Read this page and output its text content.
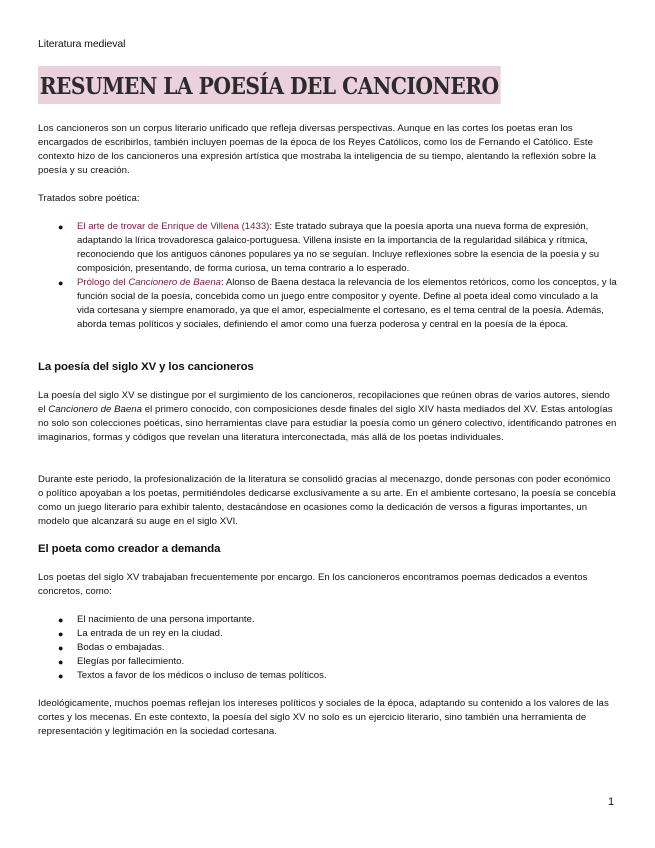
Literatura medieval
RESUMEN LA POESÍA DEL CANCIONERO

Los cancioneros son un corpus literario unificado que refleja diversas perspectivas. Aunque en las cortes los poetas eran los encargados de escribirlos, también incluyen poemas de la época de los Reyes Católicos, como los de Fernando el Católico. Este contexto hizo de los cancioneros una expresión artística que mostraba la inteligencia de su tiempo, alentando la reflexión sobre la poesía y su creación.

Tratados sobre poética:

● El arte de trovar de Enrique de Villena (1433): Este tratado subraya que la poesía aporta una nueva forma de expresión, adaptando la lírica trovadoresca galaico-portuguesa. Villena insiste en la importancia de la regularidad silábica y rítmica, reconociendo que los antiguos cánones populares ya no se seguían. Incluye reflexiones sobre la esencia de la poesía y su composición, presentando, de forma curiosa, un tema contrario a lo esperado.
● Prólogo del Cancionero de Baena: Alonso de Baena destaca la relevancia de los elementos retóricos, como los conceptos, y la función social de la poesía, concebida como un juego entre compositor y oyente. Define al poeta ideal como vinculado a la vida cortesana y siempre enamorado, ya que el amor, especialmente el cortesano, es el tema central de la poesía. Además, aborda temas políticos y sociales, definiendo el amor como una fuerza poderosa y central en la poesía de la época.
La poesía del siglo XV y los cancioneros

La poesía del siglo XV se distingue por el surgimiento de los cancioneros, recopilaciones que reúnen obras de varios autores, siendo el Cancionero de Baena el primero conocido, con composiciones desde finales del siglo XIV hasta mediados del XV. Estas antologías no solo son colecciones poéticas, sino herramientas clave para estudiar la poesía como un género colectivo, identificando patrones en imaginarios, formas y códigos que revelan una literatura interconectada, más allá de los poetas individuales.

Durante este periodo, la profesionalización de la literatura se consolidó gracias al mecenazgo, donde personas con poder económico o político apoyaban a los poetas, permitiéndoles dedicarse exclusivamente a su arte. En el ambiente cortesano, la poesía se concebía como un juego literario para exhibir talento, destacándose en ocasiones como la dedicación de versos a figuras importantes, un modelo que alcanzará su auge en el siglo XVI.

El poeta como creador a demanda

Los poetas del siglo XV trabajaban frecuentemente por encargo. En los cancioneros encontramos poemas dedicados a eventos concretos, como:

● El nacimiento de una persona importante.
● La entrada de un rey en la ciudad.
● Bodas o embajadas.
● Elegías por fallecimiento.
● Textos a favor de los médicos o incluso de temas políticos.

Ideológicamente, muchos poemas reflejan los intereses políticos y sociales de la época, adaptando su contenido a los valores de las cortes y los mecenas. En este contexto, la poesía del siglo XV no solo es un ejercicio literario, sino también una herramienta de representación y legitimación en la sociedad cortesana.

1
